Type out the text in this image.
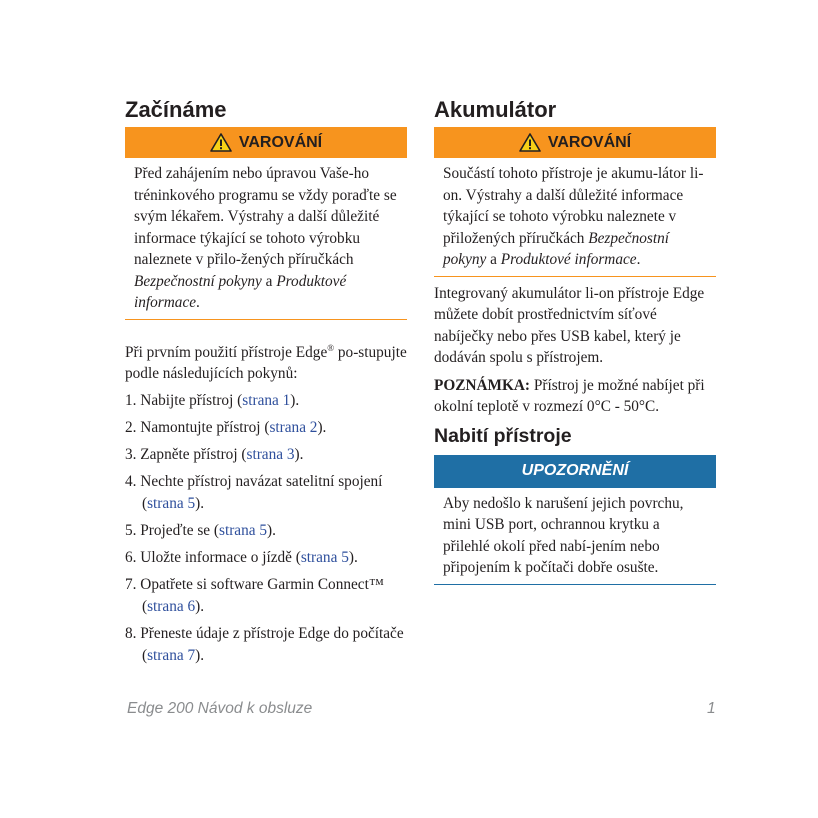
Začínáme
VAROVÁNÍ
Před zahájením nebo úpravou Vaše-ho tréninkového programu se vždy poraďte se svým lékařem. Výstrahy a další důležité informace týkající se tohoto výrobku naleznete v přilo-žených příručkách Bezpečnostní pokyny a Produktové informace.

Při prvním použití přístroje Edge® po-stupujte podle následujících pokynů:

1. Nabijte přístroj (strana 1).
2. Namontujte přístroj (strana 2).
3. Zapněte přístroj (strana 3).
4. Nechte přístroj navázat satelitní spojení (strana 5).
5. Projeďte se (strana 5).
6. Uložte informace o jízdě (strana 5).
7. Opatřete si software Garmin Connect™ (strana 6).
8. Přeneste údaje z přístroje Edge do počítače (strana 7).
Akumulátor
VAROVÁNÍ
Součástí tohoto přístroje je akumu-látor li-on. Výstrahy a další důležité informace týkající se tohoto výrobku naleznete v přiložených příručkách Bezpečnostní pokyny a Produktové informace.

Integrovaný akumulátor li-on přístroje Edge můžete dobít prostřednictvím síťové nabíječky nebo přes USB kabel, který je dodáván spolu s přístrojem.

POZNÁMKA: Přístroj je možné nabíjet při okolní teplotě v rozmezí 0°C - 50°C.

Nabití přístroje
UPOZORNĚNÍ
Aby nedošlo k narušení jejich povrchu, mini USB port, ochrannou krytku a přilehlé okolí před nabí-jením nebo připojením k počítači dobře osušte.
Edge 200 Návod k obsluze	1
